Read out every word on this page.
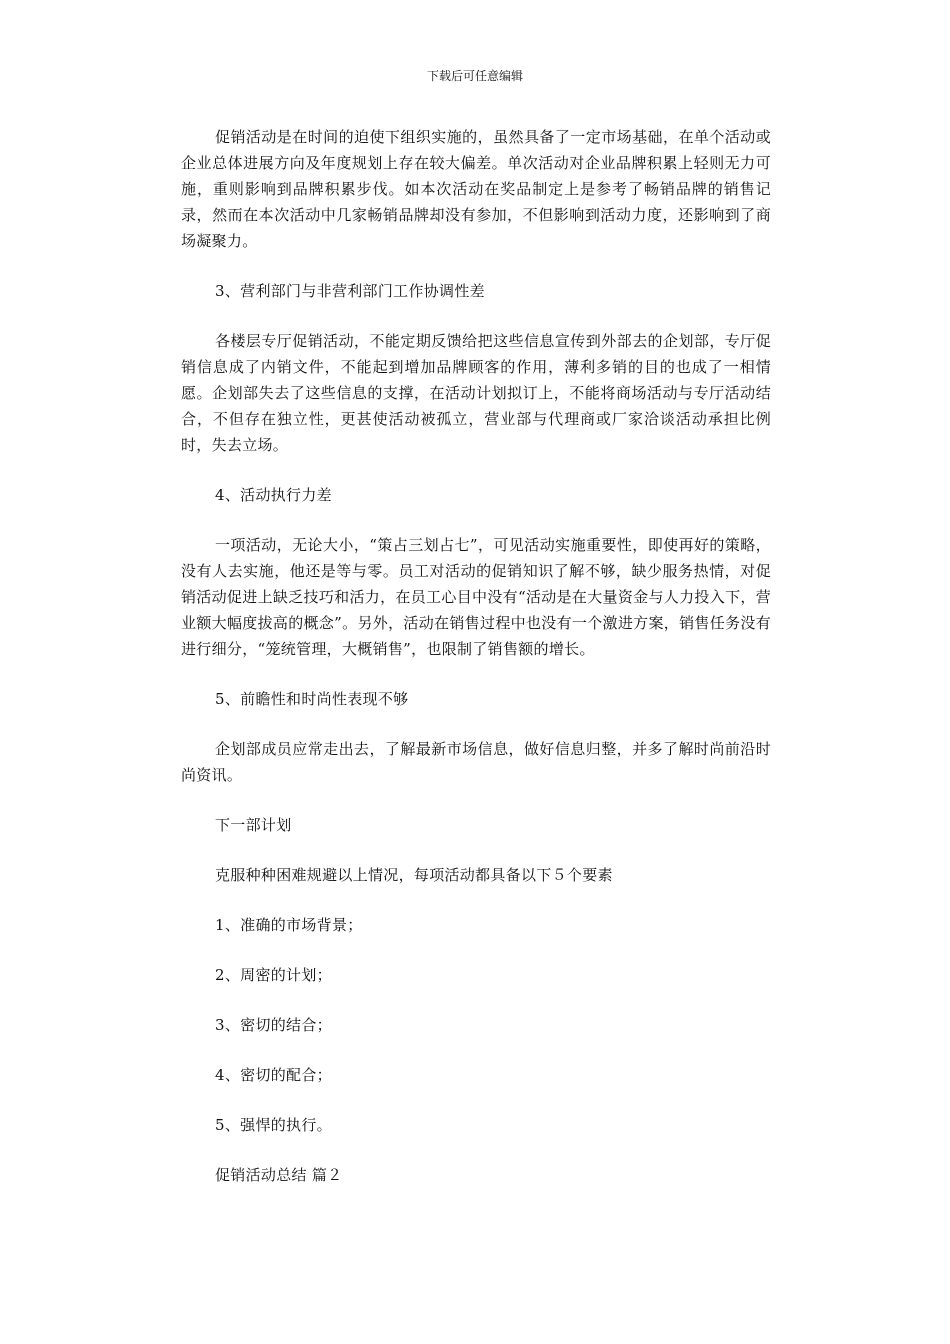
下载后可任意编辑

促销活动是在时间的迫使下组织实施的，虽然具备了一定市场基础，在单个活动或企业总体进展方向及年度规划上存在较大偏差。单次活动对企业品牌积累上轻则无力可施，重则影响到品牌积累步伐。如本次活动在奖品制定上是参考了畅销品牌的销售记录，然而在本次活动中几家畅销品牌却没有参加，不但影响到活动力度，还影响到了商场凝聚力。

3、营利部门与非营利部门工作协调性差

各楼层专厅促销活动，不能定期反馈给把这些信息宣传到外部去的企划部，专厅促销信息成了内销文件，不能起到增加品牌顾客的作用，薄利多销的目的也成了一相情愿。企划部失去了这些信息的支撑，在活动计划拟订上，不能将商场活动与专厅活动结合，不但存在独立性，更甚使活动被孤立，营业部与代理商或厂家洽谈活动承担比例时，失去立场。

4、活动执行力差

一项活动，无论大小，“策占三划占七”，可见活动实施重要性，即使再好的策略，没有人去实施，他还是等与零。员工对活动的促销知识了解不够，缺少服务热情，对促销活动促进上缺乏技巧和活力，在员工心目中没有“活动是在大量资金与人力投入下，营业额大幅度拔高的概念”。另外，活动在销售过程中也没有一个激进方案，销售任务没有进行细分，“笼统管理，大概销售”，也限制了销售额的增长。

5、前瞻性和时尚性表现不够

企划部成员应常走出去，了解最新市场信息，做好信息归整，并多了解时尚前沿时尚资讯。

下一部计划

克服种种困难规避以上情况，每项活动都具备以下５个要素

1、准确的市场背景；

2、周密的计划；

3、密切的结合；

4、密切的配合；

5、强悍的执行。

促销活动总结 篇２
